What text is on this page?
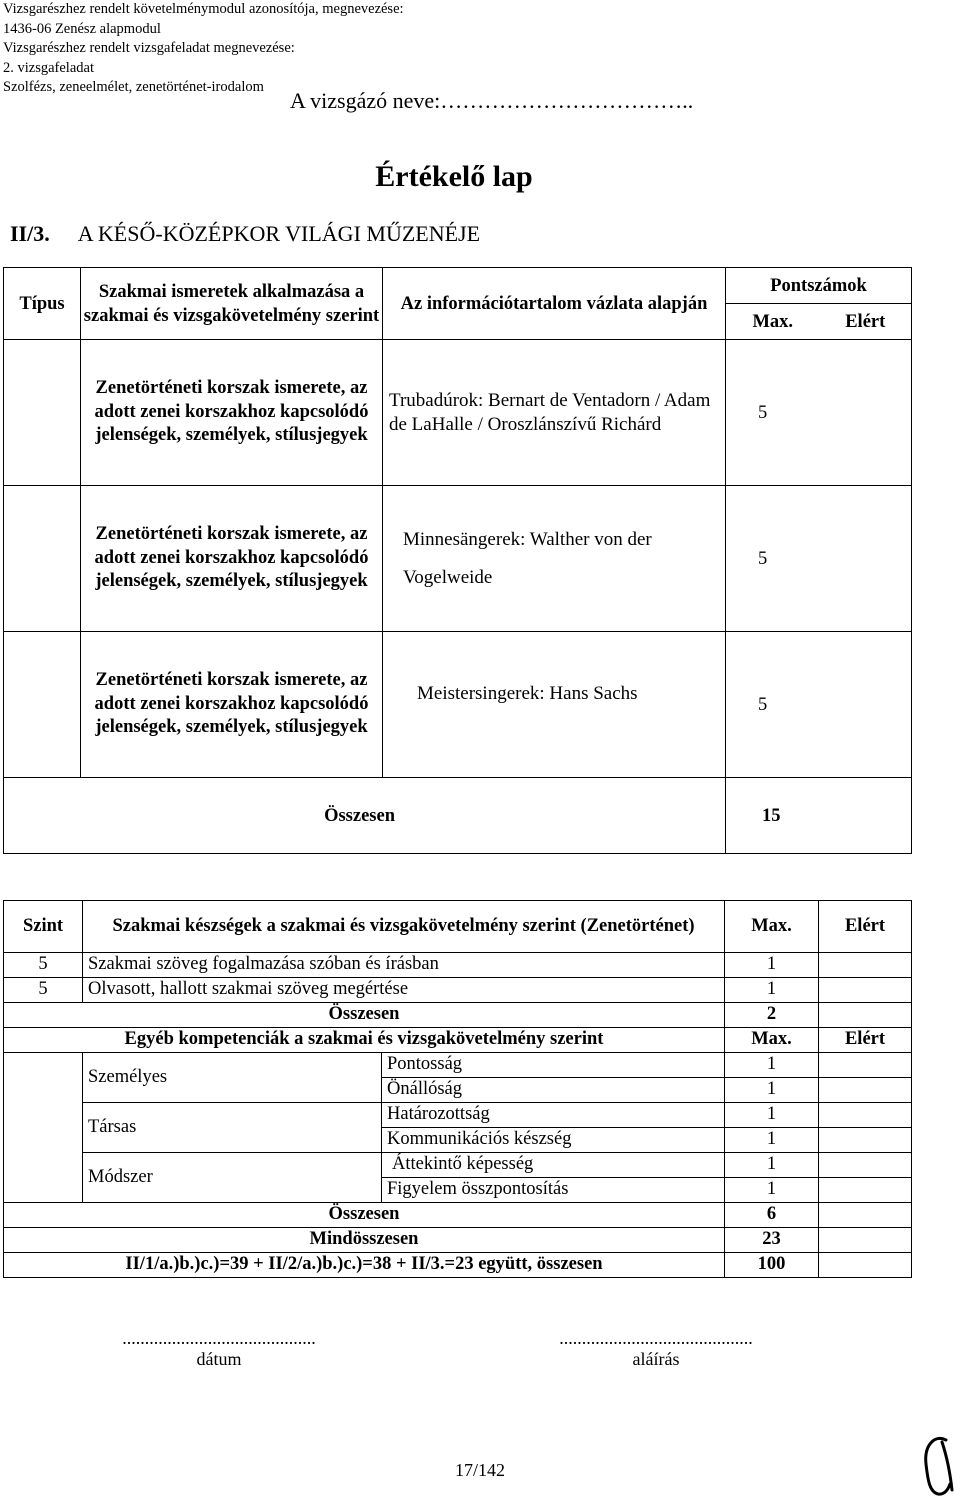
Vizsgarészhez rendelt követelménymodul azonosítója, megnevezése:
1436-06 Zenész alapmodul
Vizsgarészhez rendelt vizsgafeladat megnevezése:
2. vizsgafeladat
Szolfézs, zeneelmélet, zenetörténet-irodalom
A vizsgázó neve:……………………………..
Értékelő lap
II/3. A KÉSŐ-KÖZÉPKOR VILÁGI MŰZENÉJE
Típus	Szakmai ismeretek alkalmazása a szakmai és vizsgakövetelmény szerint	Az információtartalom vázlata alapján	Pontszámok	
			Max.	Elért
	Zenetörténeti korszak ismerete, az adott zenei korszakhoz kapcsolódó jelenségek, személyek, stílusjegyek	Trubadúrok: Bernart de Ventadorn / Adam de LaHalle / Oroszlánszívű Richárd	5	
	Zenetörténeti korszak ismerete, az adott zenei korszakhoz kapcsolódó jelenségek, személyek, stílusjegyek	Minnesängerek: Walther von der Vogelweide	5	
	Zenetörténeti korszak ismerete, az adott zenei korszakhoz kapcsolódó jelenségek, személyek, stílusjegyek	Meistersingerek: Hans Sachs	5	
Összesen			15	
Szint	Szakmai készségek a szakmai és vizsgakövetelmény szerint (Zenetörténet)		Max.	Elért
5	Szakmai szöveg fogalmazása szóban és írásban		1	
5	Olvasott, hallott szakmai szöveg megértése		1	
Összesen			2	
Egyéb kompetenciák a szakmai és vizsgakövetelmény szerint			Max.	Elért
	Személyes	Pontosság	1	
		Önállóság	1	
	Társas	Határozottság	1	
		Kommunikációs készség	1	
	Módszer	Áttekintő képesség	1	
		Figyelem összpontosítás	1	
Összesen			6	
Mindösszesen			23	
II/1/a.)b.)c.)=39 + II/2/a.)b.)c.)=38 + II/3.=23 együtt, összesen			100	
...........................................
dátum
...........................................
aláírás
17/142
